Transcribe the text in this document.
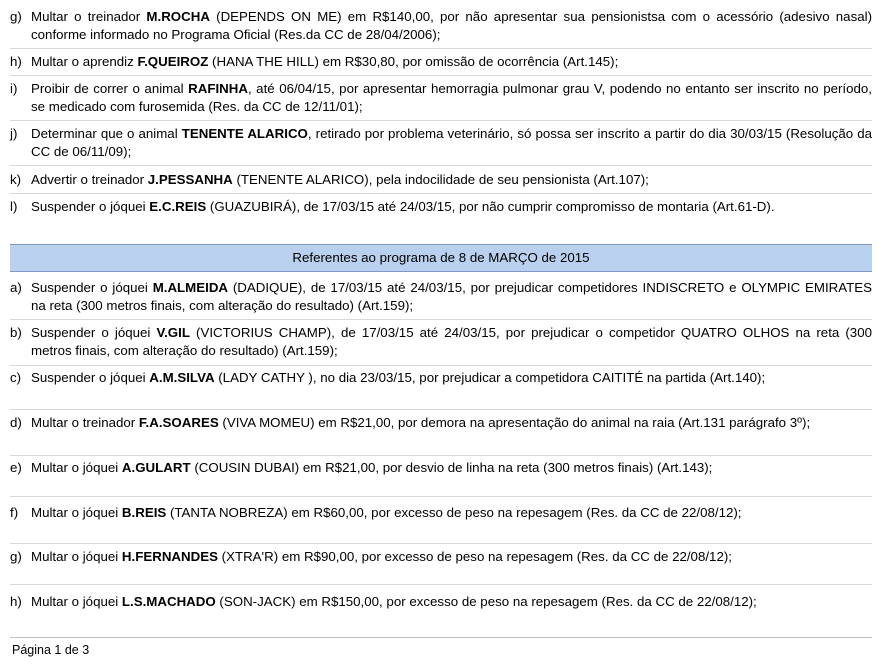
g) Multar o treinador M.ROCHA (DEPENDS ON ME) em R$140,00, por não apresentar sua pensionistsa com o acessório (adesivo nasal) conforme informado no Programa Oficial (Res.da CC de 28/04/2006);
h) Multar o aprendiz F.QUEIROZ (HANA THE HILL) em R$30,80, por omissão de ocorrência (Art.145);
i)	Proibir de correr o animal RAFINHA, até 06/04/15, por apresentar hemorragia pulmonar grau V, podendo no entanto ser inscrito no período, se medicado com furosemida (Res. da CC de 12/11/01);
j)	Determinar que o animal TENENTE ALARICO, retirado por problema veterinário, só possa ser inscrito a partir do dia 30/03/15 (Resolução da CC de 06/11/09);
k) Advertir o treinador J.PESSANHA (TENENTE ALARICO), pela indocilidade de seu pensionista (Art.107);
l)	Suspender o jóquei E.C.REIS (GUAZUBIRÁ), de 17/03/15 até 24/03/15, por não cumprir compromisso de montaria (Art.61-D).
Referentes ao programa de 8 de MARÇO de 2015
a) Suspender o jóquei M.ALMEIDA (DADIQUE), de 17/03/15 até 24/03/15, por prejudicar competidores INDISCRETO e OLYMPIC EMIRATES na reta (300 metros finais, com alteração do resultado) (Art.159);
b) Suspender o jóquei V.GIL (VICTORIUS CHAMP), de 17/03/15 até 24/03/15, por prejudicar o competidor QUATRO OLHOS na reta (300 metros finais, com alteração do resultado) (Art.159);
c) Suspender o jóquei A.M.SILVA (LADY CATHY ), no dia 23/03/15, por prejudicar a competidora CAITITÉ na partida (Art.140);
d) Multar o treinador F.A.SOARES (VIVA MOMEU) em R$21,00, por demora na apresentação do animal na raia (Art.131 parágrafo 3º);
e) Multar o jóquei A.GULART (COUSIN DUBAI) em R$21,00, por desvio de linha na reta (300 metros finais) (Art.143);
f) Multar o jóquei B.REIS (TANTA NOBREZA) em R$60,00, por excesso de peso na repesagem (Res. da CC de 22/08/12);
g) Multar o jóquei H.FERNANDES (XTRA'R) em R$90,00, por excesso de peso na repesagem (Res. da CC de 22/08/12);
h) Multar o jóquei L.S.MACHADO (SON-JACK) em R$150,00, por excesso de peso na repesagem (Res. da CC de 22/08/12);
Página 1 de 3
